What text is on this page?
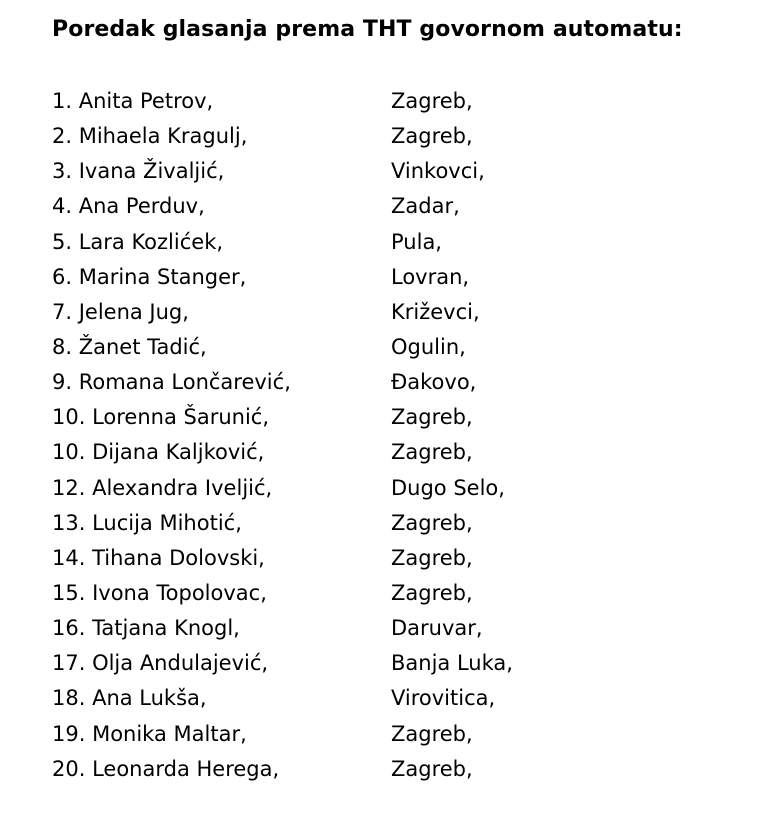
Poredak glasanja prema THT govornom automatu:
1. Anita Petrov,	Zagreb,
2. Mihaela Kragulj,	Zagreb,
3. Ivana Živaljić,	Vinkovci,
4. Ana Perduv,	Zadar,
5. Lara Kozlićek,	Pula,
6. Marina Stanger,	Lovran,
7. Jelena Jug,	Križevci,
8. Žanet Tadić,	Ogulin,
9. Romana Lončarević,	Đakovo,
10. Lorenna Šarunić,	Zagreb,
10. Dijana Kaljković,	Zagreb,
12. Alexandra Iveljić,	Dugo Selo,
13. Lucija Mihotić,	Zagreb,
14. Tihana Dolovski,	Zagreb,
15. Ivona Topolovac,	Zagreb,
16. Tatjana Knogl,	Daruvar,
17. Olja Andulajević,	Banja Luka,
18. Ana Lukša,	Virovitica,
19. Monika Maltar,	Zagreb,
20. Leonarda Herega,	Zagreb,
